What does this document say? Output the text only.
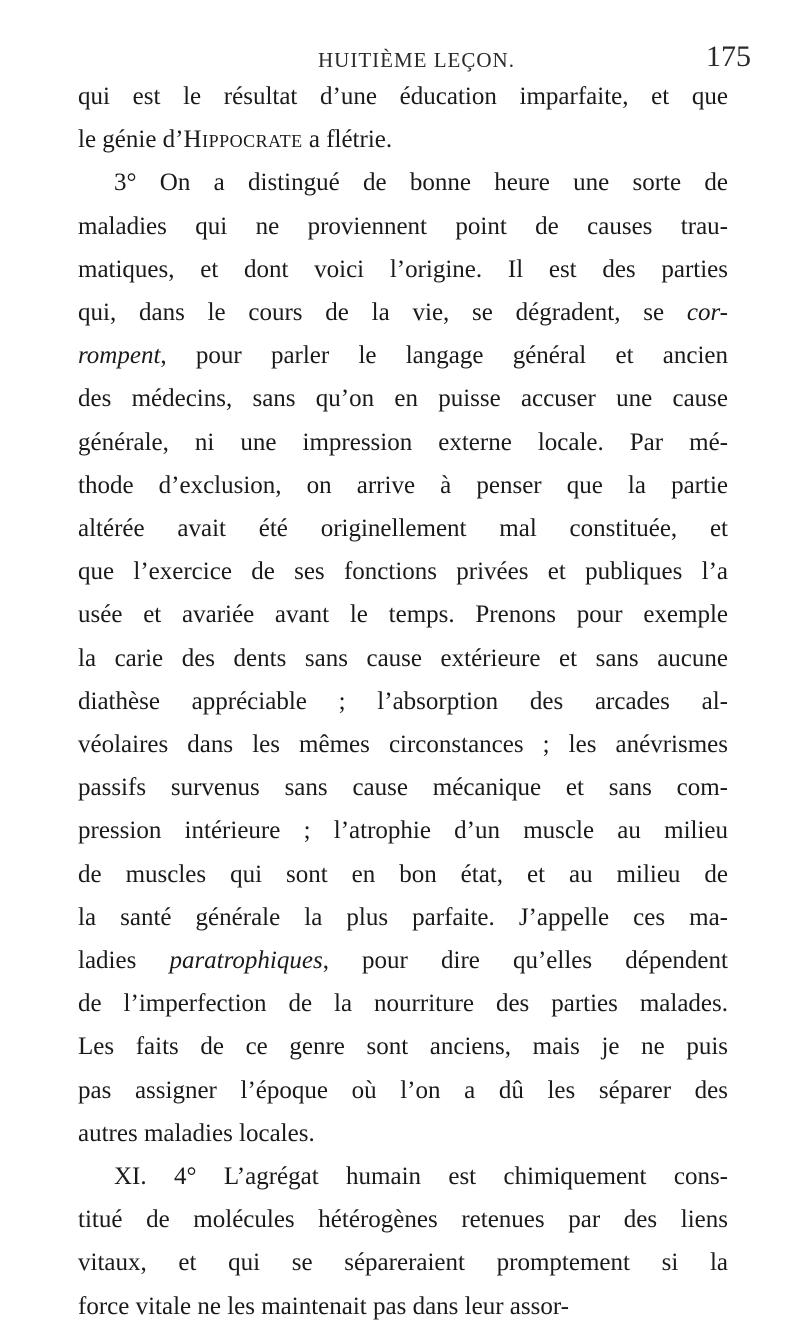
HUITIÈME LEÇON.	175
qui est le résultat d’une éducation imparfaite, et que
le génie d’Hippocrate a flétrie.
3° On a distingué de bonne heure une sorte de
maladies qui ne proviennent point de causes trau-
matiques, et dont voici l’origine. Il est des parties
qui, dans le cours de la vie, se dégradent, se cor-
rompent, pour parler le langage général et ancien
des médecins, sans qu’on en puisse accuser une cause
générale, ni une impression externe locale. Par mé-
thode d’exclusion, on arrive à penser que la partie
altérée avait été originellement mal constituée, et
que l’exercice de ses fonctions privées et publiques l’a
usée et avariée avant le temps. Prenons pour exemple
la carie des dents sans cause extérieure et sans aucune
diathèse appréciable ; l’absorption des arcades al-
véolaires dans les mêmes circonstances ; les anévrismes
passifs survenus sans cause mécanique et sans com-
pression intérieure ; l’atrophie d’un muscle au milieu
de muscles qui sont en bon état, et au milieu de
la santé générale la plus parfaite. J’appelle ces ma-
ladies paratrophiques, pour dire qu’elles dépendent
de l’imperfection de la nourriture des parties malades.
Les faits de ce genre sont anciens, mais je ne puis
pas assigner l’époque où l’on a dû les séparer des
autres maladies locales.
XI. 4° L’agrégat humain est chimiquement cons-
titué de molécules hétérogènes retenues par des liens
vitaux, et qui se sépareraient promptement si la
force vitale ne les maintenait pas dans leur assor-
